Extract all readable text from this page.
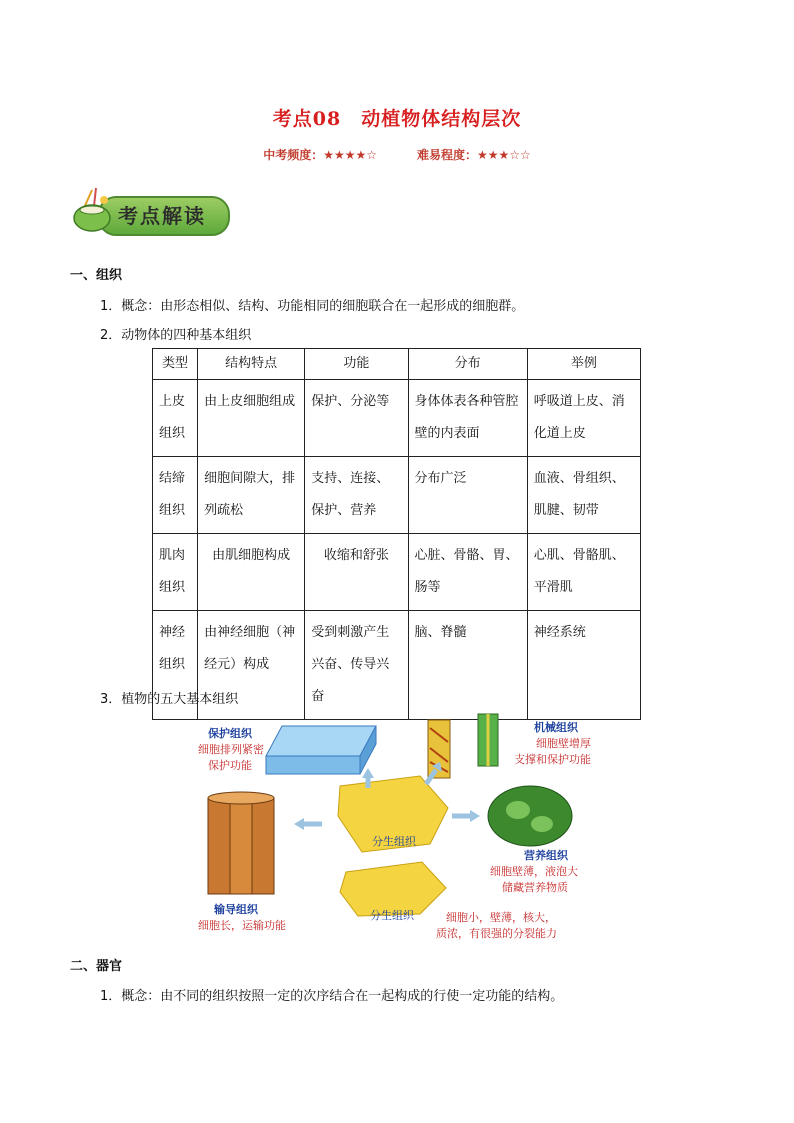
考点08　动植物体结构层次
中考频度：★★★★☆	难易程度：★★★☆☆
考点解读
一、组织
1．概念：由形态相似、结构、功能相同的细胞联合在一起形成的细胞群。
2．动物体的四种基本组织
类型	结构特点	功能	分布	举例
上皮组织	由上皮细胞组成	保护、分泌等	身体体表各种管腔壁的内表面	呼吸道上皮、消化道上皮
结缔组织	细胞间隙大，排列疏松	支持、连接、保护、营养	分布广泛	血液、骨组织、肌腱、韧带
肌肉组织	由肌细胞构成	收缩和舒张	心脏、骨骼、胃、肠等	心肌、骨骼肌、平滑肌
神经组织	由神经细胞（神经元）构成	受到刺激产生兴奋、传导兴奋	脑、脊髓	神经系统
3．植物的五大基本组织
保护组织
细胞排列紧密
保护功能
机械组织
细胞壁增厚
支撑和保护功能
营养组织
细胞壁薄，液泡大
储藏营养物质
分生组织
分生组织	细胞小，壁薄，核大，
质浓，有很强的分裂能力
输导组织
细胞长，运输功能
二、器官
1．概念：由不同的组织按照一定的次序结合在一起构成的行使一定功能的结构。
